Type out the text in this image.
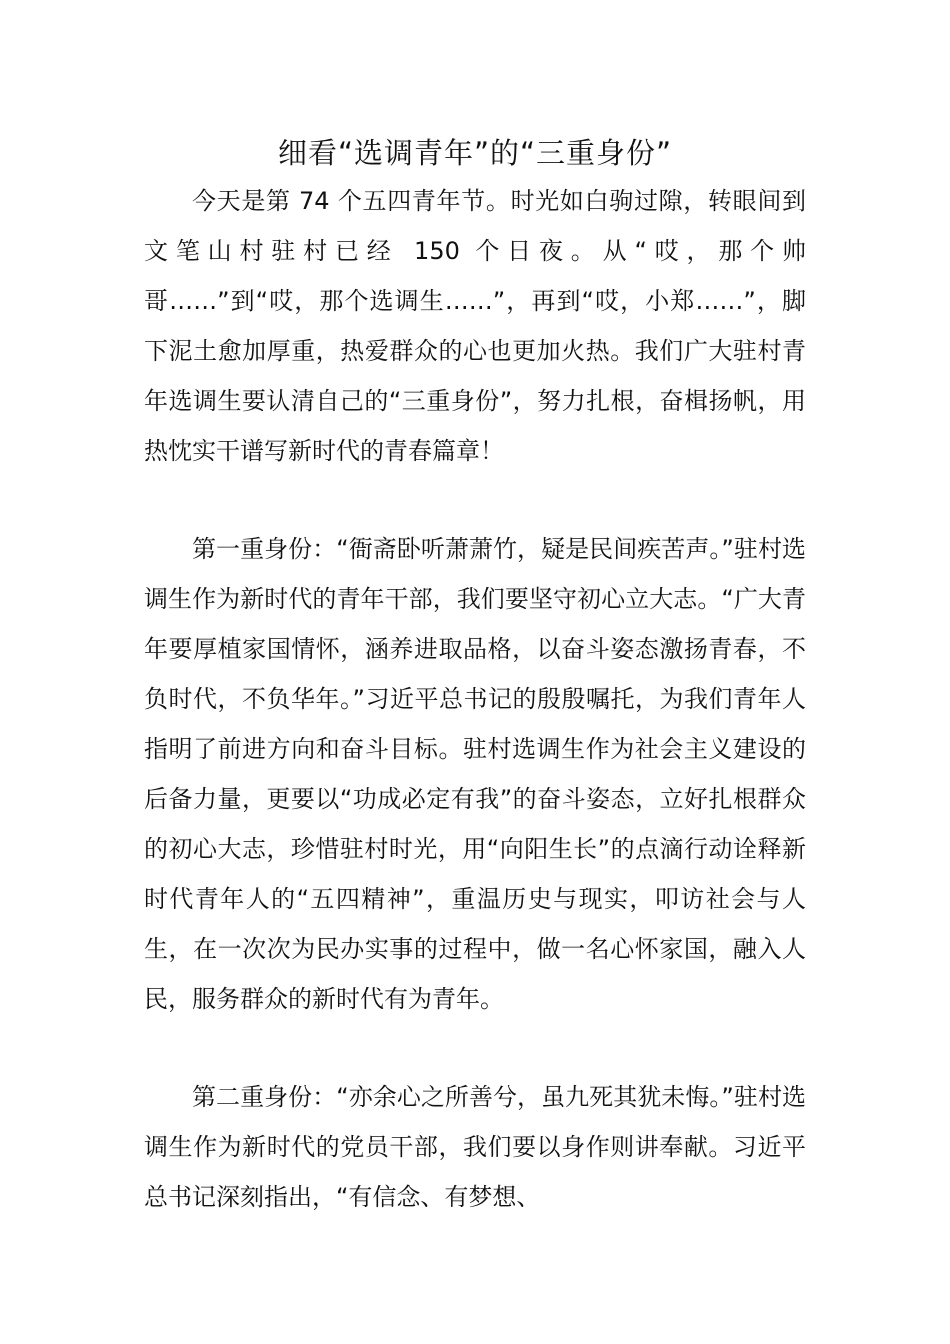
细看“选调青年”的“三重身份”

今天是第 74 个五四青年节。时光如白驹过隙，转眼间到文笔山村驻村已经 150 个日夜。从“哎，那个帅哥……”到“哎，那个选调生……”，再到“哎，小郑……”，脚下泥土愈加厚重，热爱群众的心也更加火热。我们广大驻村青年选调生要认清自己的“三重身份”，努力扎根，奋楫扬帆，用热忱实干谱写新时代的青春篇章！

第一重身份：“衙斋卧听萧萧竹，疑是民间疾苦声。”驻村选调生作为新时代的青年干部，我们要坚守初心立大志。“广大青年要厚植家国情怀，涵养进取品格，以奋斗姿态激扬青春，不负时代，不负华年。”习近平总书记的殷殷嘱托，为我们青年人指明了前进方向和奋斗目标。驻村选调生作为社会主义建设的后备力量，更要以“功成必定有我”的奋斗姿态，立好扎根群众的初心大志，珍惜驻村时光，用“向阳生长”的点滴行动诠释新时代青年人的“五四精神”，重温历史与现实，叩访社会与人生，在一次次为民办实事的过程中，做一名心怀家国，融入人民，服务群众的新时代有为青年。

第二重身份：“亦余心之所善兮，虽九死其犹未悔。”驻村选调生作为新时代的党员干部，我们要以身作则讲奉献。习近平总书记深刻指出，“有信念、有梦想、
